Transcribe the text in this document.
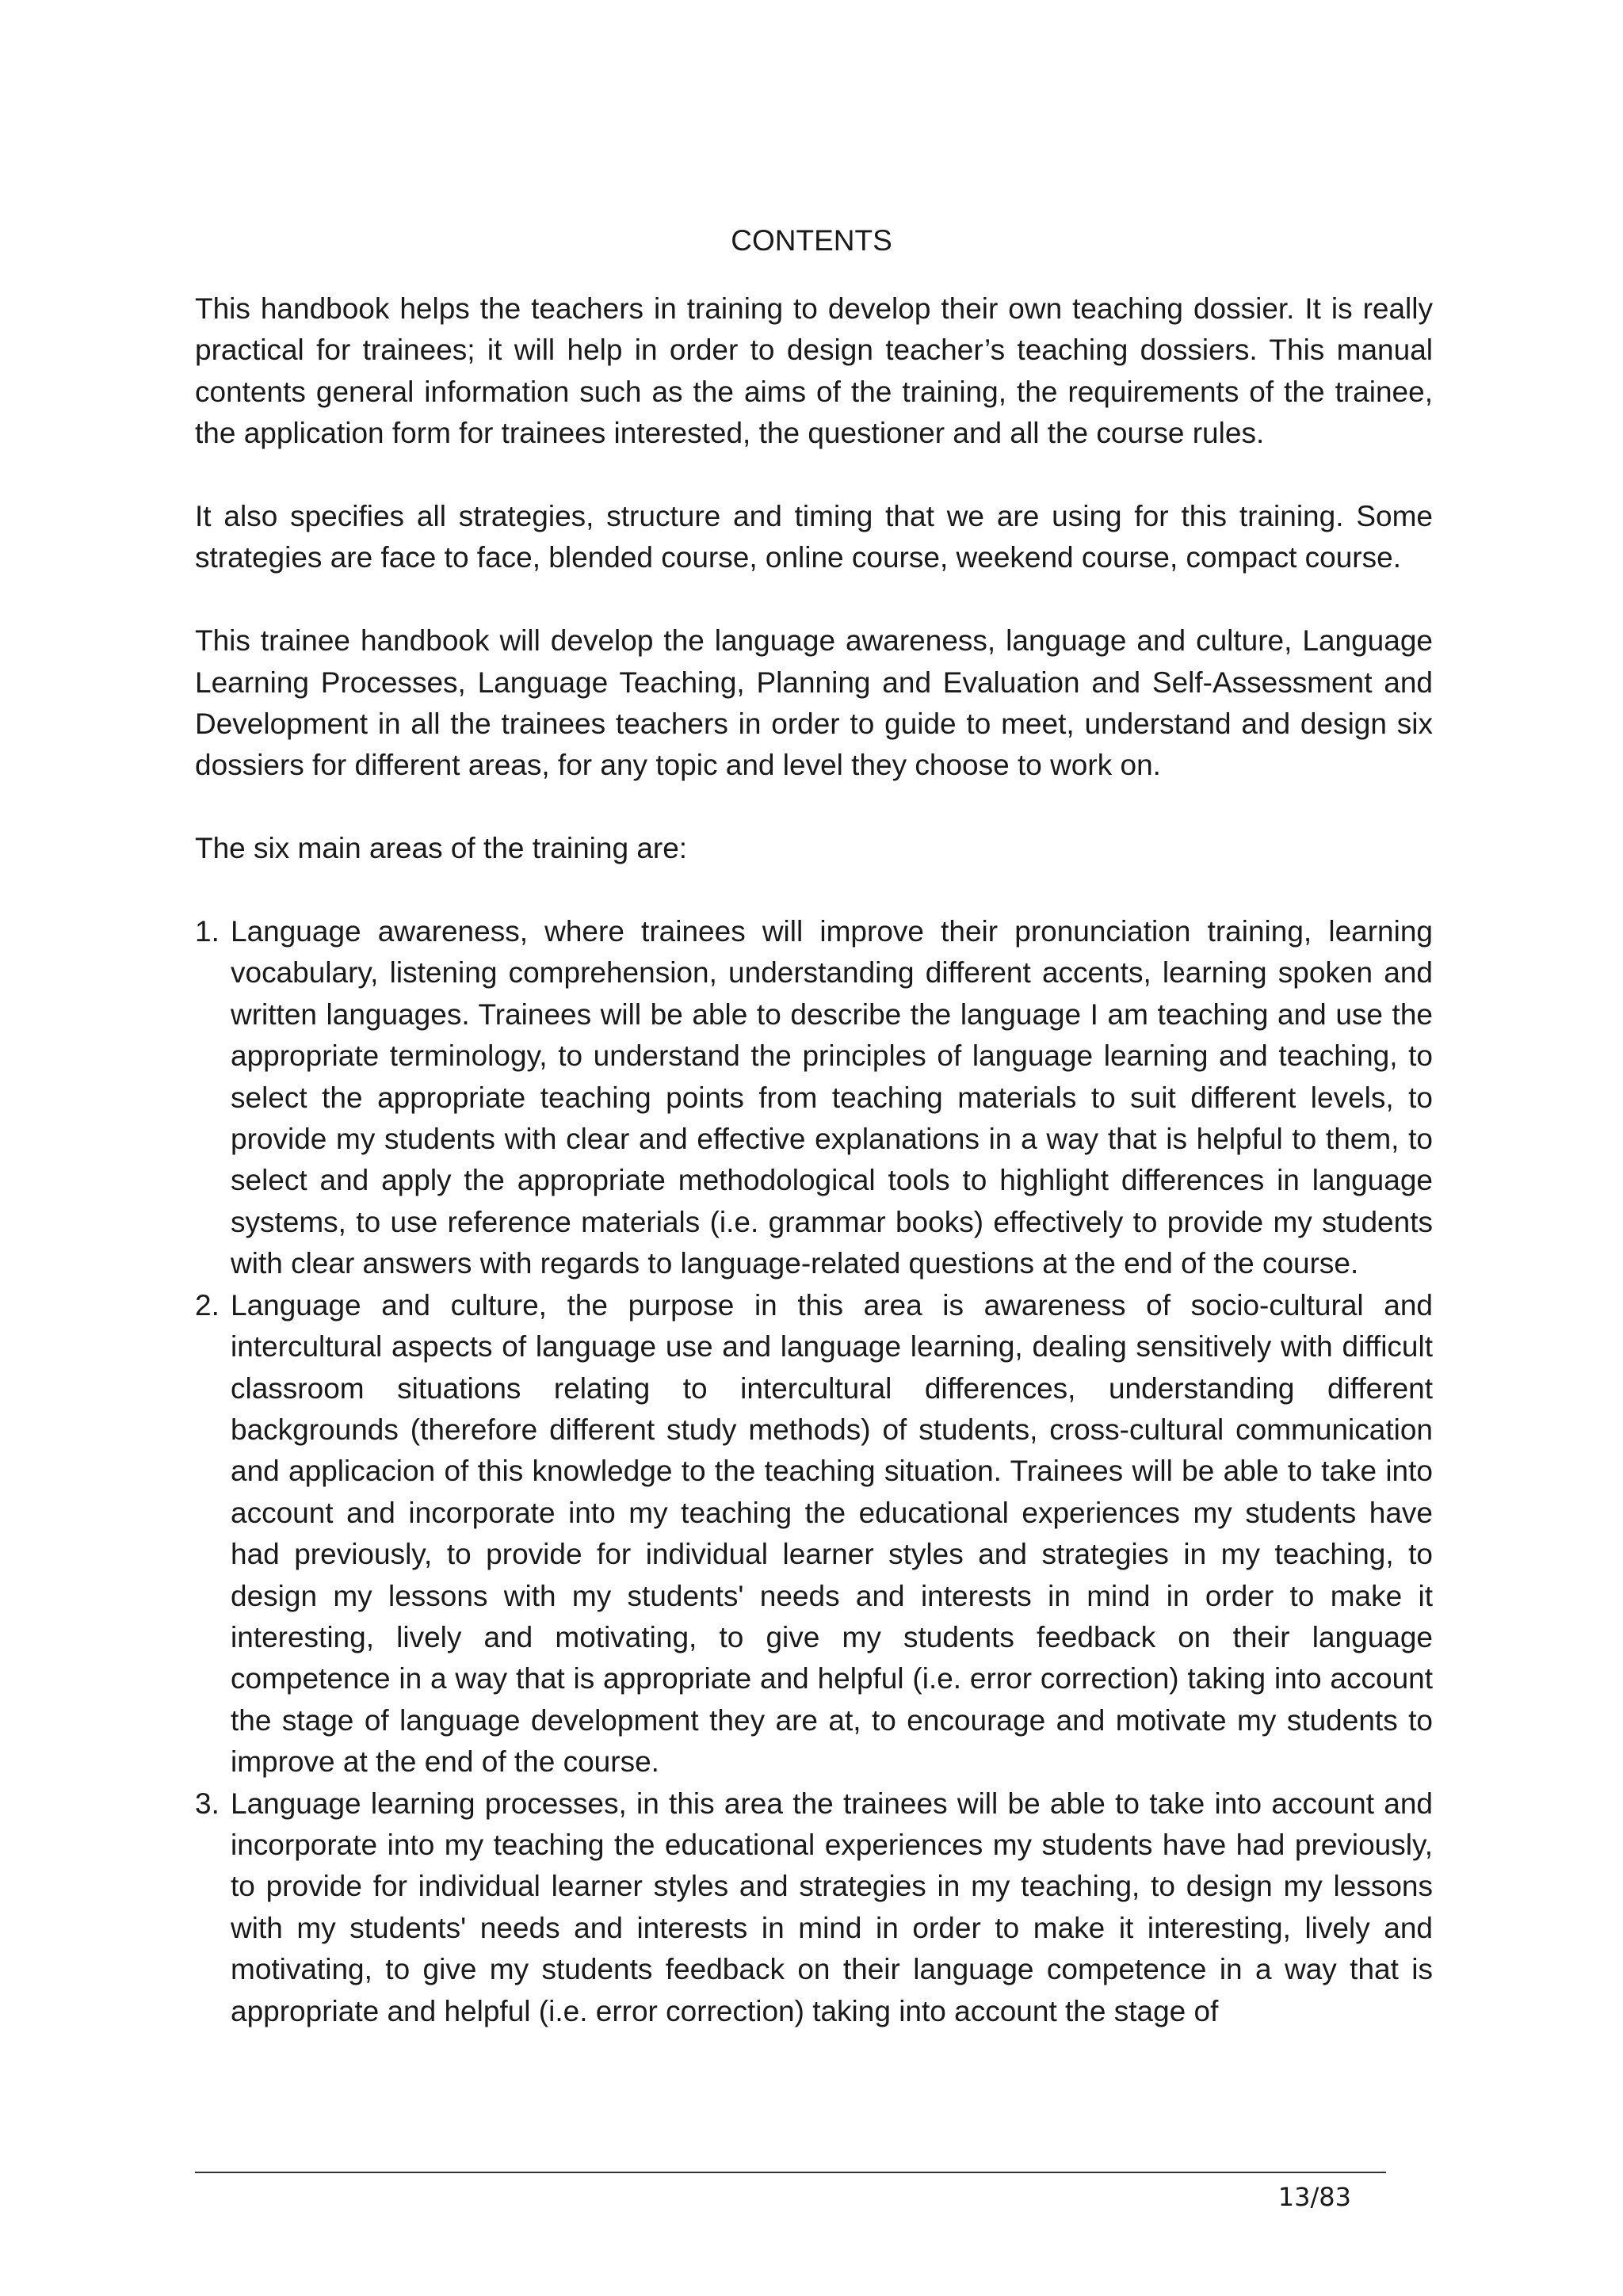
CONTENTS

This handbook helps the teachers in training to develop their own teaching dossier. It is really practical for trainees; it will help in order to design teacher’s teaching dossiers. This manual contents general information such as the aims of the training, the requirements of the trainee, the application form for trainees interested, the questioner and all the course rules.

It also specifies all strategies, structure and timing that we are using for this training. Some strategies are face to face, blended course, online course, weekend course, compact course.

This trainee handbook will develop the language awareness, language and culture, Language Learning Processes, Language Teaching, Planning and Evaluation and Self-Assessment and Development in all the trainees teachers in order to guide to meet, understand and design six dossiers for different areas, for any topic and level they choose to work on.

The six main areas of the training are:

1. Language awareness, where trainees will improve their pronunciation training, learning vocabulary, listening comprehension, understanding different accents, learning spoken and written languages. Trainees will be able to describe the language I am teaching and use the appropriate terminology, to understand the principles of language learning and teaching, to select the appropriate teaching points from teaching materials to suit different levels, to provide my students with clear and effective explanations in a way that is helpful to them, to select and apply the appropriate methodological tools to highlight differences in language systems, to use reference materials (i.e. grammar books) effectively to provide my students with clear answers with regards to language-related questions at the end of the course.
2. Language and culture, the purpose in this area is awareness of socio-cultural and intercultural aspects of language use and language learning, dealing sensitively with difficult classroom situations relating to intercultural differences, understanding different backgrounds (therefore different study methods) of students, cross-cultural communication and applicacion of this knowledge to the teaching situation. Trainees will be able to take into account and incorporate into my teaching the educational experiences my students have had previously, to provide for individual learner styles and strategies in my teaching, to design my lessons with my students' needs and interests in mind in order to make it interesting, lively and motivating, to give my students feedback on their language competence in a way that is appropriate and helpful (i.e. error correction) taking into account the stage of language development they are at, to encourage and motivate my students to improve at the end of the course.
3. Language learning processes, in this area the trainees will be able to take into account and incorporate into my teaching the educational experiences my students have had previously, to provide for individual learner styles and strategies in my teaching, to design my lessons with my students' needs and interests in mind in order to make it interesting, lively and motivating, to give my students feedback on their language competence in a way that is appropriate and helpful (i.e. error correction) taking into account the stage of
13/83
